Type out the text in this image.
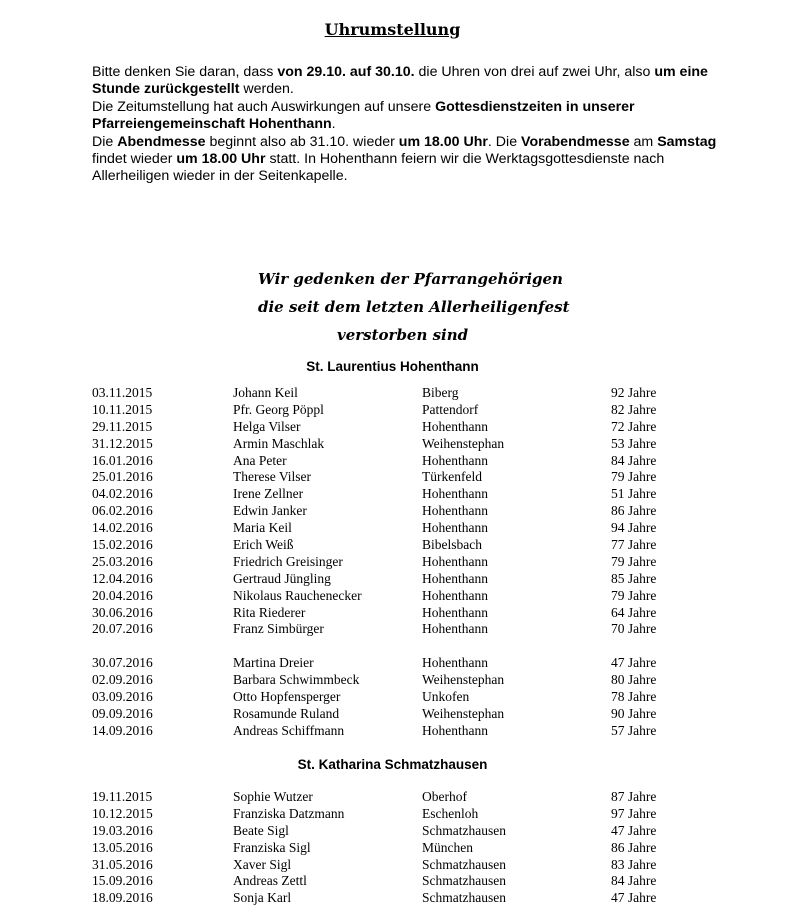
Uhrumstellung

Bitte denken Sie daran, dass von 29.10. auf 30.10. die Uhren von drei auf zwei Uhr, also um eine Stunde zurückgestellt werden.

Die Zeitumstellung hat auch Auswirkungen auf unsere Gottesdienstzeiten in unserer Pfarreiengemeinschaft Hohenthann.

Die Abendmesse beginnt also ab 31.10. wieder um 18.00 Uhr. Die Vorabendmesse am Samstag findet wieder um 18.00 Uhr statt. In Hohenthann feiern wir die Werktagsgottesdienste nach Allerheiligen wieder in der Seitenkapelle.

Wir gedenken der Pfarrangehörigen
die seit dem letzten Allerheiligenfest
verstorben sind
St. Laurentius Hohenthann
03.11.2015	Johann Keil	Biberg	92 Jahre
10.11.2015	Pfr. Georg Pöppl	Pattendorf	82 Jahre
29.11.2015	Helga Vilser	Hohenthann	72 Jahre
31.12.2015	Armin Maschlak	Weihenstephan	53 Jahre
16.01.2016	Ana Peter	Hohenthann	84 Jahre
25.01.2016	Therese Vilser	Türkenfeld	79 Jahre
04.02.2016	Irene Zellner	Hohenthann	51 Jahre
06.02.2016	Edwin Janker	Hohenthann	86 Jahre
14.02.2016	Maria Keil	Hohenthann	94 Jahre
15.02.2016	Erich Weiß	Bibelsbach	77 Jahre
25.03.2016	Friedrich Greisinger	Hohenthann	79 Jahre
12.04.2016	Gertraud Jüngling	Hohenthann	85 Jahre
20.04.2016	Nikolaus Rauchenecker	Hohenthann	79 Jahre
30.06.2016	Rita Riederer	Hohenthann	64 Jahre
20.07.2016	Franz Simbürger	Hohenthann	70 Jahre
30.07.2016	Martina Dreier	Hohenthann	47 Jahre
02.09.2016	Barbara Schwimmbeck	Weihenstephan	80 Jahre
03.09.2016	Otto Hopfensperger	Unkofen	78 Jahre
09.09.2016	Rosamunde Ruland	Weihenstephan	90 Jahre
14.09.2016	Andreas Schiffmann	Hohenthann	57 Jahre
St. Katharina Schmatzhausen
19.11.2015	Sophie Wutzer	Oberhof	87 Jahre
10.12.2015	Franziska Datzmann	Eschenloh	97 Jahre
19.03.2016	Beate Sigl	Schmatzhausen	47 Jahre
13.05.2016	Franziska Sigl	München	86 Jahre
31.05.2016	Xaver Sigl	Schmatzhausen	83 Jahre
15.09.2016	Andreas Zettl	Schmatzhausen	84 Jahre
18.09.2016	Sonja Karl	Schmatzhausen	47 Jahre
